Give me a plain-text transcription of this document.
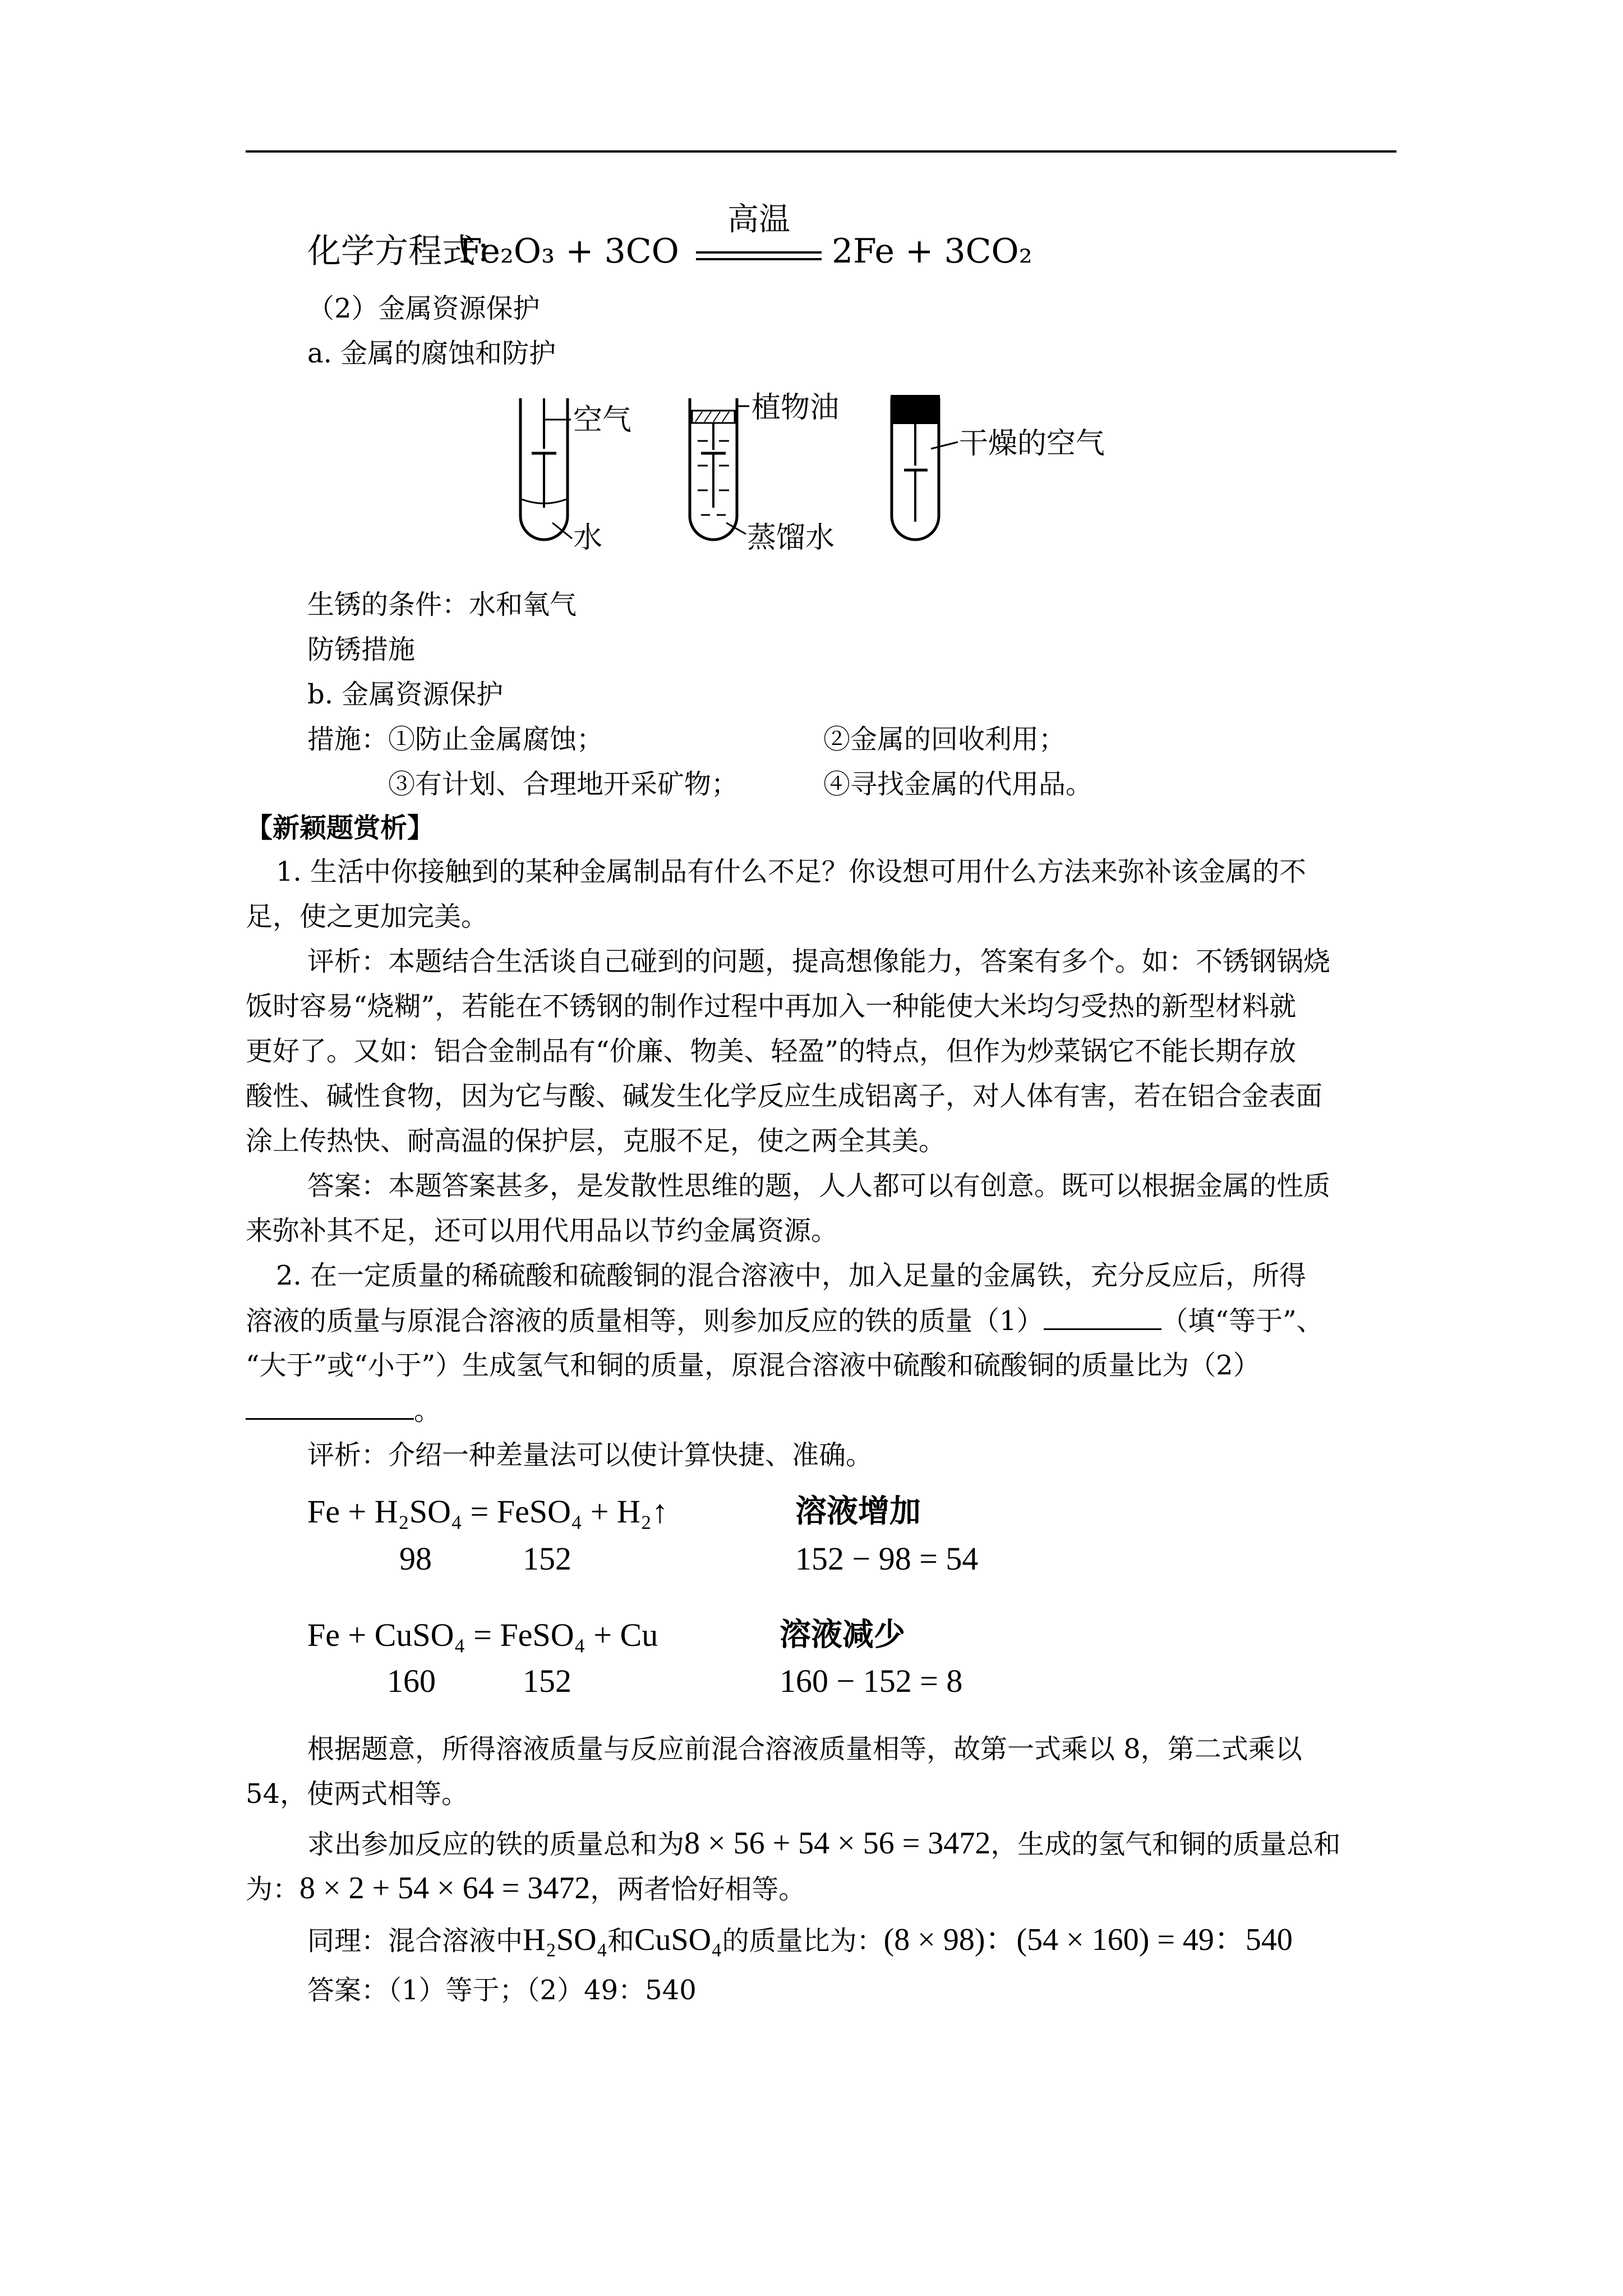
化学方程式：
Fe₂O₃ + 3CO
高温
2Fe + 3CO₂
（2）金属资源保护
a. 金属的腐蚀和防护
空气
水
植物油
蒸馏水
干燥的空气
生锈的条件：水和氧气
防锈措施
b. 金属资源保护
措施： ①防止金属腐蚀；	②金属的回收利用；
③有计划、合理地开采矿物；	④寻找金属的代用品。
【新颖题赏析】
1. 生活中你接触到的某种金属制品有什么不足？你设想可用什么方法来弥补该金属的不
足，使之更加完美。
评析：本题结合生活谈自己碰到的问题，提高想像能力，答案有多个。如：不锈钢锅烧
饭时容易“烧糊”，若能在不锈钢的制作过程中再加入一种能使大米均匀受热的新型材料就
更好了。又如：铝合金制品有“价廉、物美、轻盈”的特点，但作为炒菜锅它不能长期存放
酸性、碱性食物，因为它与酸、碱发生化学反应生成铝离子，对人体有害，若在铝合金表面
涂上传热快、耐高温的保护层，克服不足，使之两全其美。
答案：本题答案甚多，是发散性思维的题，人人都可以有创意。既可以根据金属的性质
来弥补其不足，还可以用代用品以节约金属资源。
2. 在一定质量的稀硫酸和硫酸铜的混合溶液中，加入足量的金属铁，充分反应后，所得
溶液的质量与原混合溶液的质量相等，则参加反应的铁的质量（1）	（填“等于”、
“大于”或“小于”）生成氢气和铜的质量，原混合溶液中硫酸和硫酸铜的质量比为（2）
。
评析：介绍一种差量法可以使计算快捷、准确。
Fe + H₂SO₄ = FeSO₄ + H₂↑	溶液增加
98	152	152 − 98 = 54
Fe + CuSO₄ = FeSO₄ + Cu	溶液减少
160	152	160 − 152 = 8
根据题意，所得溶液质量与反应前混合溶液质量相等，故第一式乘以 8，第二式乘以
54，使两式相等。
求出参加反应的铁的质量总和为8 × 56 + 54 × 56 = 3472，生成的氢气和铜的质量总和
为：8 × 2 + 54 × 64 = 3472，两者恰好相等。
同理：混合溶液中H₂SO₄和CuSO₄的质量比为：(8 × 98)：(54 × 160) = 49：540
答案：（1）等于；（2）49：540
